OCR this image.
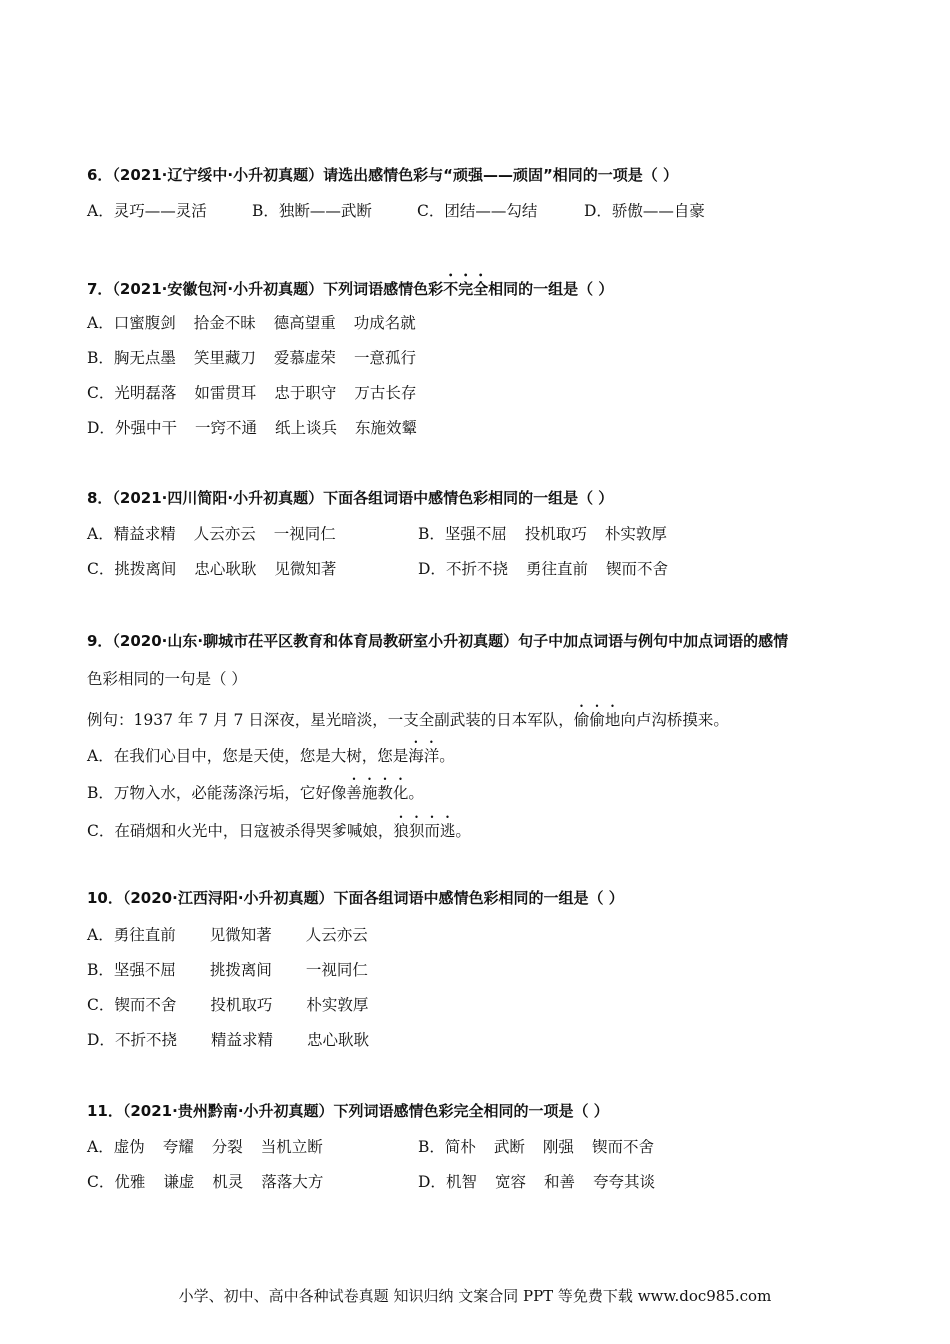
6．（2021·辽宁绥中·小升初真题）请选出感情色彩与“顽强——顽固”相同的一项是（ ）
A．灵巧——灵活	B．独断——武断	C．团结——勾结	D．骄傲——自豪
7．（2021·安徽包河·小升初真题）下列词语感情色彩不完全相同的一组是（ ）
A．口蜜腹剑 拾金不昧 德高望重 功成名就
B．胸无点墨 笑里藏刀 爱慕虚荣 一意孤行
C．光明磊落 如雷贯耳 忠于职守 万古长存
D．外强中干 一窍不通 纸上谈兵 东施效颦
8．（2021·四川简阳·小升初真题）下面各组词语中感情色彩相同的一组是（ ）
A．精益求精 人云亦云 一视同仁	B．坚强不屈 投机取巧 朴实敦厚
C．挑拨离间 忠心耿耿 见微知著	D．不折不挠 勇往直前 锲而不舍
9．（2020·山东·聊城市茌平区教育和体育局教研室小升初真题）句子中加点词语与例句中加点词语的感情
色彩相同的一句是（ ）
例句：1937 年 7 月 7 日深夜，星光暗淡，一支全副武装的日本军队，偷偷地向卢沟桥摸来。
A．在我们心目中，您是天使，您是大树，您是海洋。
B．万物入水，必能荡涤污垢，它好像善施教化。
C．在硝烟和火光中，日寇被杀得哭爹喊娘，狼狈而逃。
10．（2020·江西浔阳·小升初真题）下面各组词语中感情色彩相同的一组是（ ）
A．勇往直前 见微知著 人云亦云
B．坚强不屈 挑拨离间 一视同仁
C．锲而不舍 投机取巧 朴实敦厚
D．不折不挠 精益求精 忠心耿耿
11．（2021·贵州黔南·小升初真题）下列词语感情色彩完全相同的一项是（ ）
A．虚伪 夸耀 分裂 当机立断	B．简朴 武断 刚强 锲而不舍
C．优雅 谦虚 机灵 落落大方	D．机智 宽容 和善 夸夸其谈
小学、初中、高中各种试卷真题 知识归纳 文案合同 PPT 等免费下载 www.doc985.com
